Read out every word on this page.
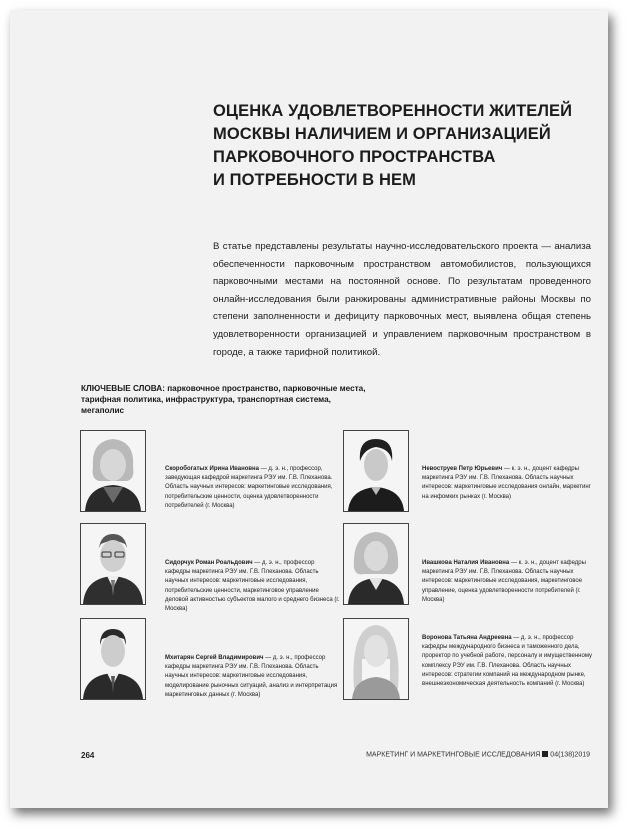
ОЦЕНКА УДОВЛЕТВОРЕННОСТИ ЖИТЕЛЕЙ
МОСКВЫ НАЛИЧИЕМ И ОРГАНИЗАЦИЕЙ
ПАРКОВОЧНОГО ПРОСТРАНСТВА
И ПОТРЕБНОСТИ В НЕМ

В статье представлены результаты научно-исследовательского проекта — анализа обеспеченности парковочным пространством автомобилистов, пользующихся парковочными местами на постоянной основе. По результатам проведенного онлайн-исследования были ранжированы административные районы Москвы по степени заполненности и дефициту парковочных мест, выявлена общая степень удовлетворенности организацией и управлением парковочным пространством в городе, а также тарифной политикой.

КЛЮЧЕВЫЕ СЛОВА: парковочное пространство, парковочные места, тарифная политика, инфраструктура, транспортная система, мегаполис

Скоробогатых Ирина Ивановна — д. э. н., профессор, заведующая кафедрой маркетинга РЭУ им. Г.В. Плеханова. Область научных интересов: маркетинговые исследования, потребительские ценности, оценка удовлетворенности потребителей (г. Москва)

Сидорчук Роман Роальдович — д. э. н., профессор кафедры маркетинга РЭУ им. Г.В. Плеханова. Область научных интересов: маркетинговые исследования, потребительские ценности, маркетинговое управление деловой активностью субъектов малого и среднего бизнеса (г. Москва)

Мхитарян Сергей Владимирович — д. э. н., профессор кафедры маркетинга РЭУ им. Г.В. Плеханова. Область научных интересов: маркетинговые исследования, моделирование рыночных ситуаций, анализ и интерпретация маркетинговых данных (г. Москва)

Невоструев Петр Юрьевич — к. э. н., доцент кафедры маркетинга РЭУ им. Г.В. Плеханова. Область научных интересов: маркетинговые исследования онлайн, маркетинг на инфомких рынках (г. Москва)

Ивашкова Наталия Ивановна — к. э. н., доцент кафедры маркетинга РЭУ им. Г.В. Плеханова. Область научных интересов: маркетинговые исследования, маркетинговое управление, оценка удовлетворенности потребителей (г. Москва)

Воронова Татьяна Андреевна — д. э. н., профессор кафедры международного бизнеса и таможенного дела, проректор по учебной работе, персоналу и имущественному комплексу РЭУ им. Г.В. Плеханова. Область научных интересов: стратегии компаний на международном рынке, внешнеэкономическая деятельность компаний (г. Москва)

264	МАРКЕТИНГ И МАРКЕТИНГОВЫЕ ИССЛЕДОВАНИЯ 04(138)2019
